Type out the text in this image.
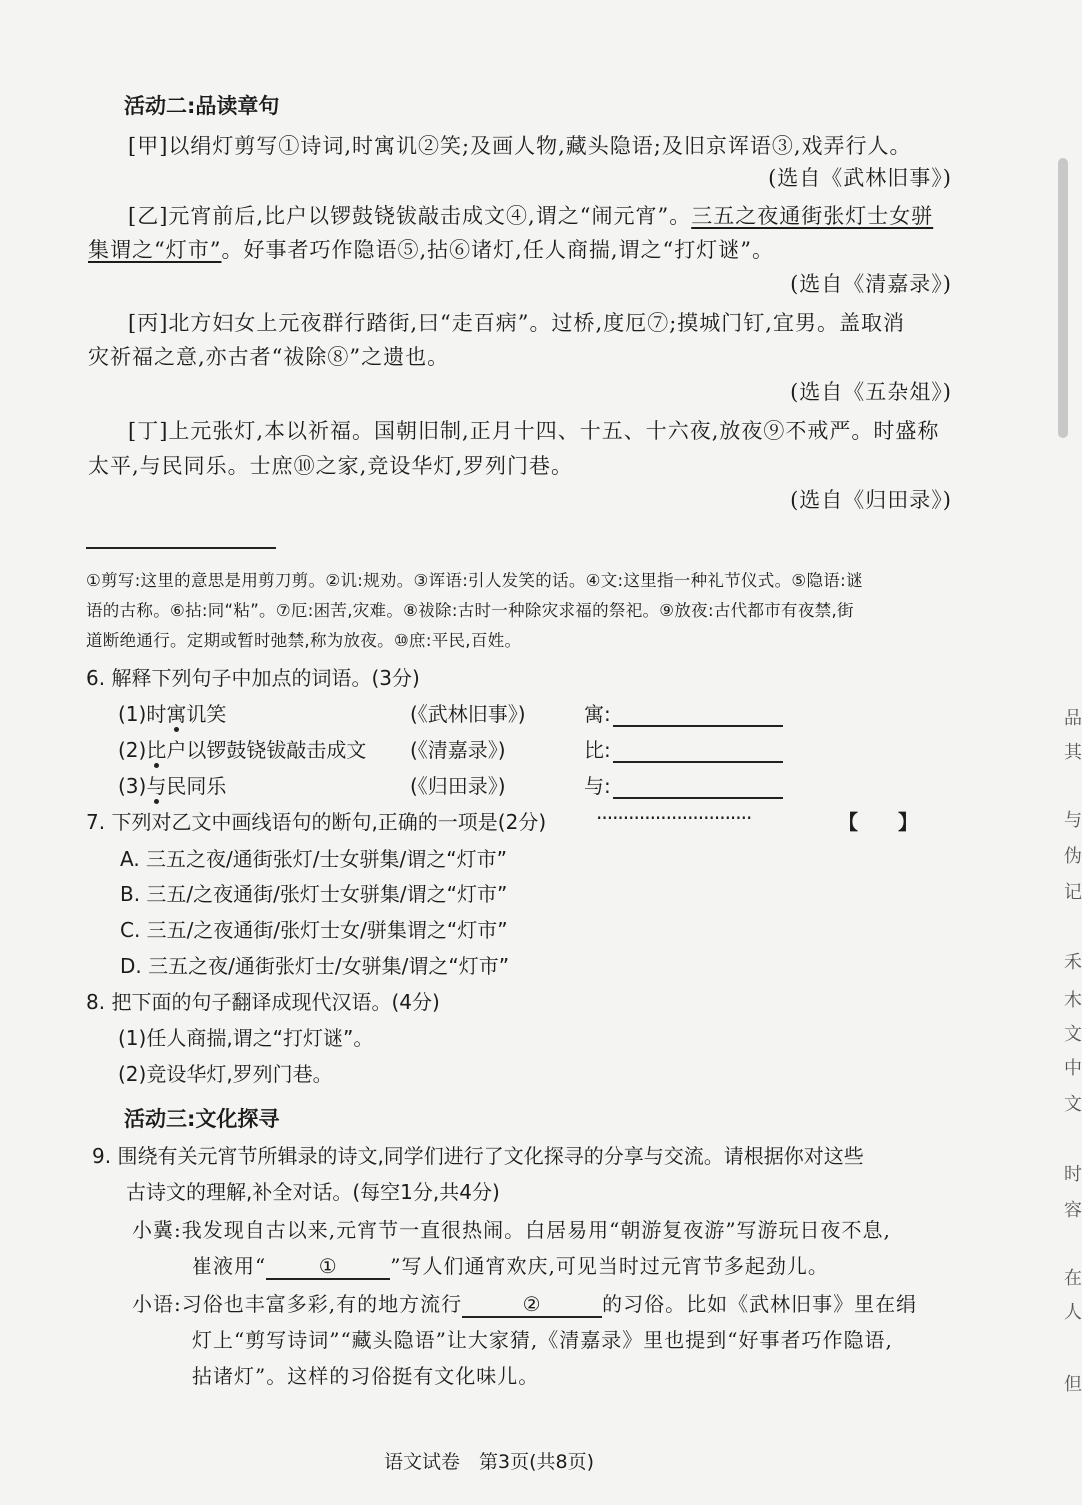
活动二:品读章句
[甲]以绢灯剪写①诗词,时寓讥②笑;及画人物,藏头隐语;及旧京诨语③,戏弄行人。
(选自《武林旧事》)
[乙]元宵前后,比户以锣鼓铙钹敲击成文④,谓之“闹元宵”。三五之夜通街张灯士女骈
集谓之“灯市”。好事者巧作隐语⑤,拈⑥诸灯,任人商揣,谓之“打灯谜”。
(选自《清嘉录》)
[丙]北方妇女上元夜群行踏街,曰“走百病”。过桥,度厄⑦;摸城门钉,宜男。盖取消
灾祈福之意,亦古者“祓除⑧”之遗也。
(选自《五杂俎》)
[丁]上元张灯,本以祈福。国朝旧制,正月十四、十五、十六夜,放夜⑨不戒严。时盛称
太平,与民同乐。士庶⑩之家,竞设华灯,罗列门巷。
(选自《归田录》)
①剪写:这里的意思是用剪刀剪。②讥:规劝。③诨语:引人发笑的话。④文:这里指一种礼节仪式。⑤隐语:谜
语的古称。⑥拈:同“粘”。⑦厄:困苦,灾难。⑧祓除:古时一种除灾求福的祭祀。⑨放夜:古代都市有夜禁,街
道断绝通行。定期或暂时弛禁,称为放夜。⑩庶:平民,百姓。
6. 解释下列句子中加点的词语。(3分)
(1)时寓讥笑	(《武林旧事》)	寓:
(2)比户以锣鼓铙钹敲击成文 (《清嘉录》)	比:
(3)与民同乐	(《归田录》)	与:
7. 下列对乙文中画线语句的断句,正确的一项是(2分) ·····························	【　　】
A. 三五之夜/通街张灯/士女骈集/谓之“灯市”
B. 三五/之夜通街/张灯士女骈集/谓之“灯市”
C. 三五/之夜通街/张灯士女/骈集谓之“灯市”
D. 三五之夜/通街张灯士/女骈集/谓之“灯市”
8. 把下面的句子翻译成现代汉语。(4分)
(1)任人商揣,谓之“打灯谜”。
(2)竞设华灯,罗列门巷。
活动三:文化探寻
9. 围绕有关元宵节所辑录的诗文,同学们进行了文化探寻的分享与交流。请根据你对这些
古诗文的理解,补全对话。(每空1分,共4分)
小冀:我发现自古以来,元宵节一直很热闹。白居易用“朝游复夜游”写游玩日夜不息,
崔液用“	①	”写人们通宵欢庆,可见当时过元宵节多起劲儿。
小语:习俗也丰富多彩,有的地方流行	②	的习俗。比如《武林旧事》里在绢
灯上“剪写诗词”“藏头隐语”让大家猜,《清嘉录》里也提到“好事者巧作隐语,
拈诸灯”。这样的习俗挺有文化味儿。
语文试卷　第3页(共8页)
品
其
与
伪
记
禾
木
文
中
文
时
容
在
人
但
